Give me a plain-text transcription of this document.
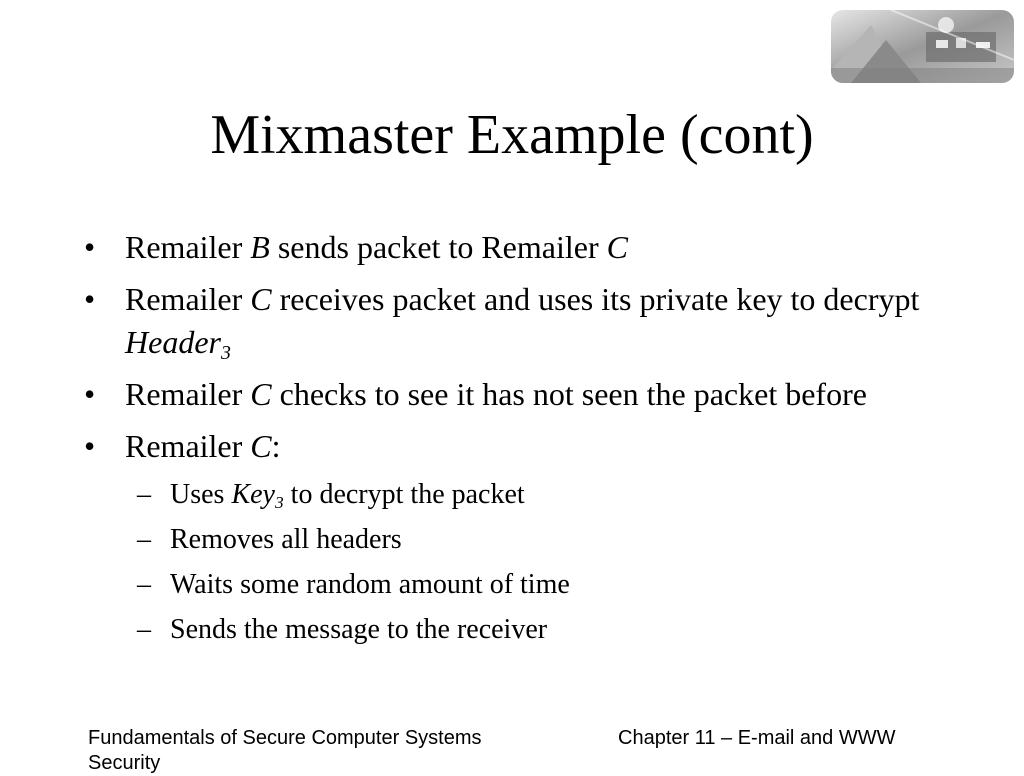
Mixmaster Example (cont)
• Remailer B sends packet to Remailer C
• Remailer C receives packet and uses its private key to decrypt Header$_3$
• Remailer C checks to see it has not seen the packet before
• Remailer C:
– Uses Key$_3$ to decrypt the packet
– Removes all headers
– Waits some random amount of time
– Sends the message to the receiver
Fundamentals of Secure Computer Systems Security
Chapter 11 – E-mail and WWW
